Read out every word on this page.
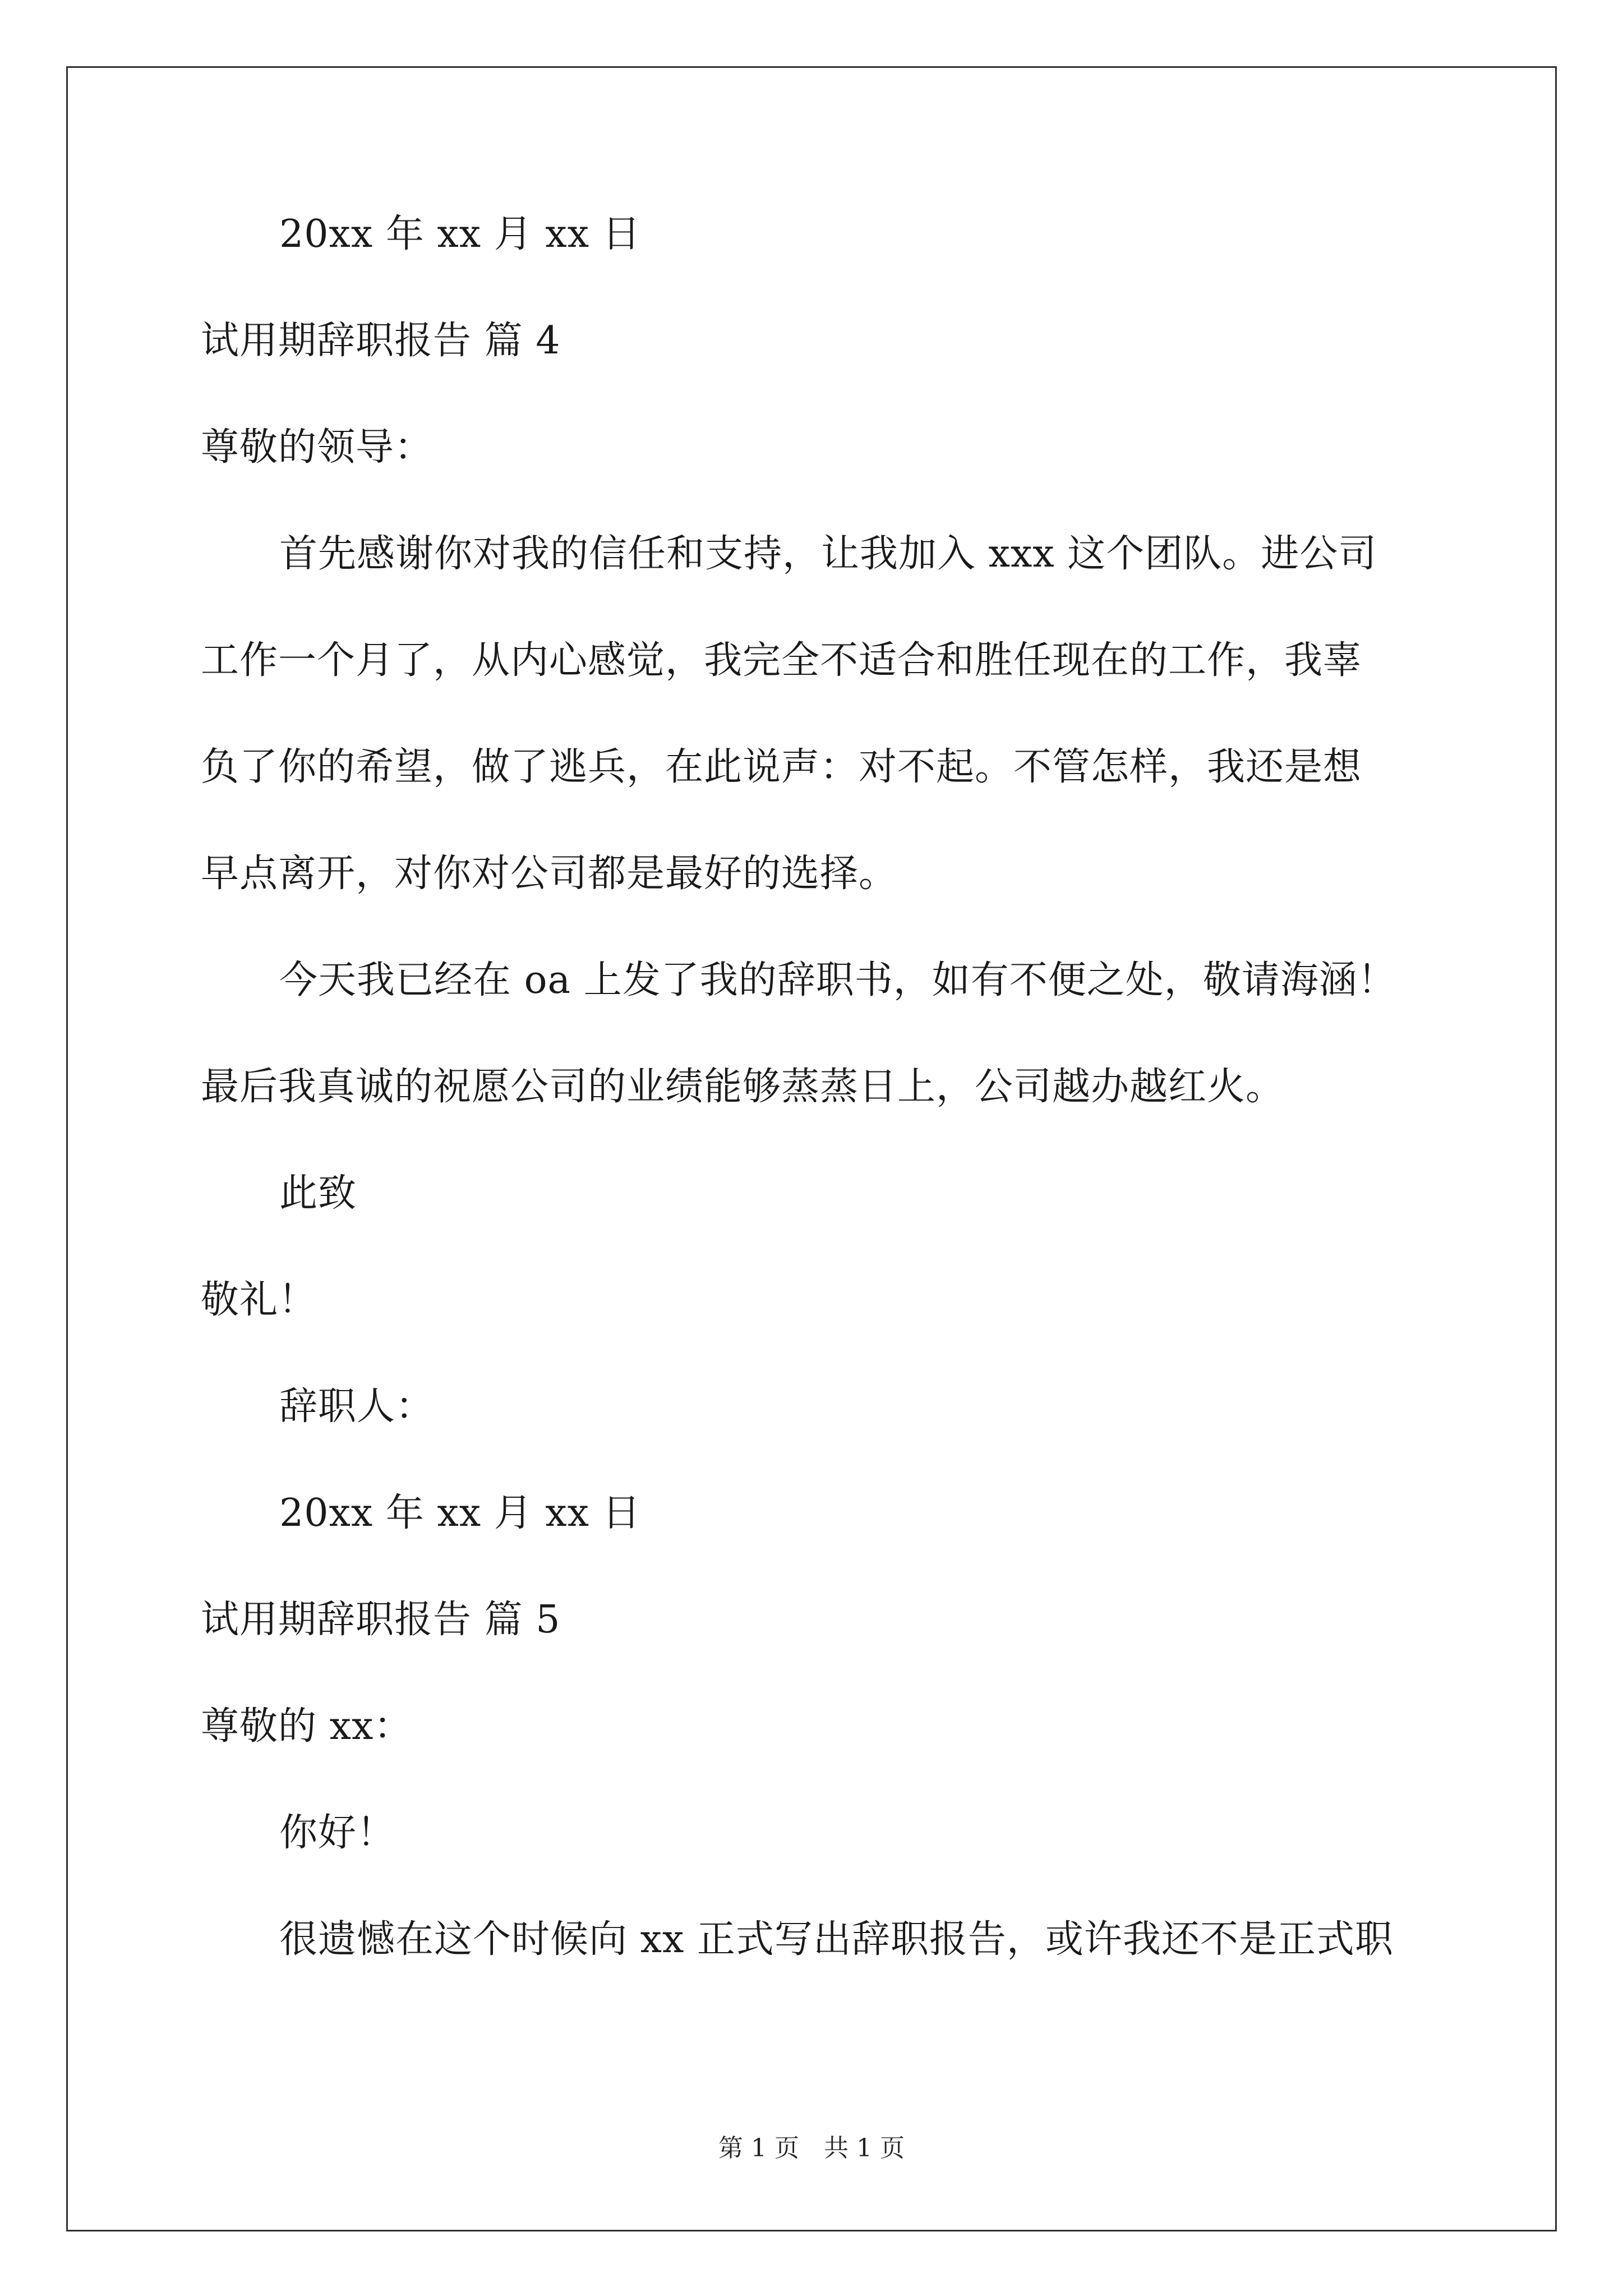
20xx 年 xx 月 xx 日
试用期辞职报告 篇 4
尊敬的领导：
首先感谢你对我的信任和支持，让我加入 xxx 这个团队。进公司
工作一个月了，从内心感觉，我完全不适合和胜任现在的工作，我辜
负了你的希望，做了逃兵，在此说声：对不起。不管怎样，我还是想
早点离开，对你对公司都是最好的选择。
今天我已经在 oa 上发了我的辞职书，如有不便之处，敬请海涵！
最后我真诚的祝愿公司的业绩能够蒸蒸日上，公司越办越红火。
此致
敬礼！
辞职人：
20xx 年 xx 月 xx 日
试用期辞职报告 篇 5
尊敬的 xx：
你好！
很遗憾在这个时候向 xx 正式写出辞职报告，或许我还不是正式职
第 1 页　共 1 页
